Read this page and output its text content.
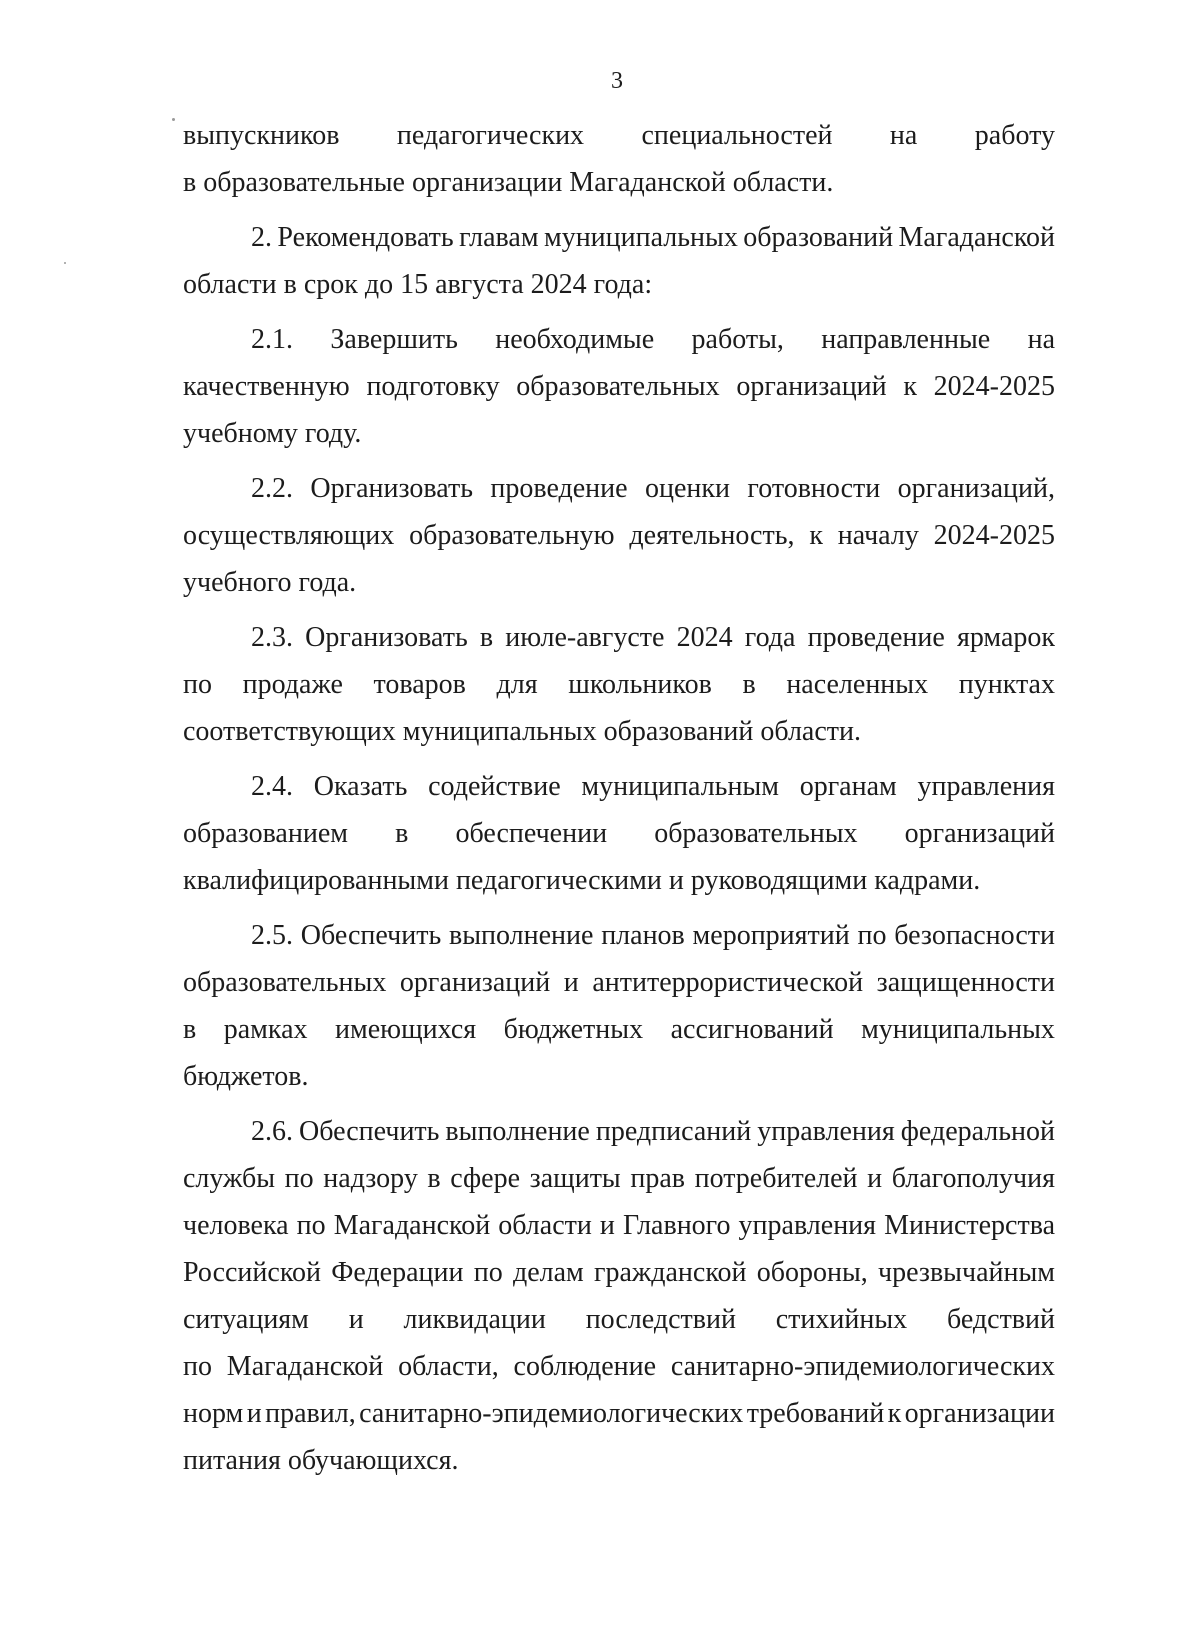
3
выпускников педагогических специальностей на работу
в образовательные организации Магаданской области.
2. Рекомендовать главам муниципальных образований Магаданской
области в срок до 15 августа 2024 года:
2.1. Завершить необходимые работы, направленные на
качественную подготовку образовательных организаций к 2024-2025
учебному году.
2.2. Организовать проведение оценки готовности организаций,
осуществляющих образовательную деятельность, к началу 2024-2025
учебного года.
2.3. Организовать в июле-августе 2024 года проведение ярмарок
по продаже товаров для школьников в населенных пунктах
соответствующих муниципальных образований области.
2.4. Оказать содействие муниципальным органам управления
образованием в обеспечении образовательных организаций
квалифицированными педагогическими и руководящими кадрами.
2.5. Обеспечить выполнение планов мероприятий по безопасности
образовательных организаций и антитеррористической защищенности
в рамках имеющихся бюджетных ассигнований муниципальных
бюджетов.
2.6. Обеспечить выполнение предписаний управления федеральной
службы по надзору в сфере защиты прав потребителей и благополучия
человека по Магаданской области и Главного управления Министерства
Российской Федерации по делам гражданской обороны, чрезвычайным
ситуациям и ликвидации последствий стихийных бедствий
по Магаданской области, соблюдение санитарно-эпидемиологических
норм и правил, санитарно-эпидемиологических требований к организации
питания обучающихся.
